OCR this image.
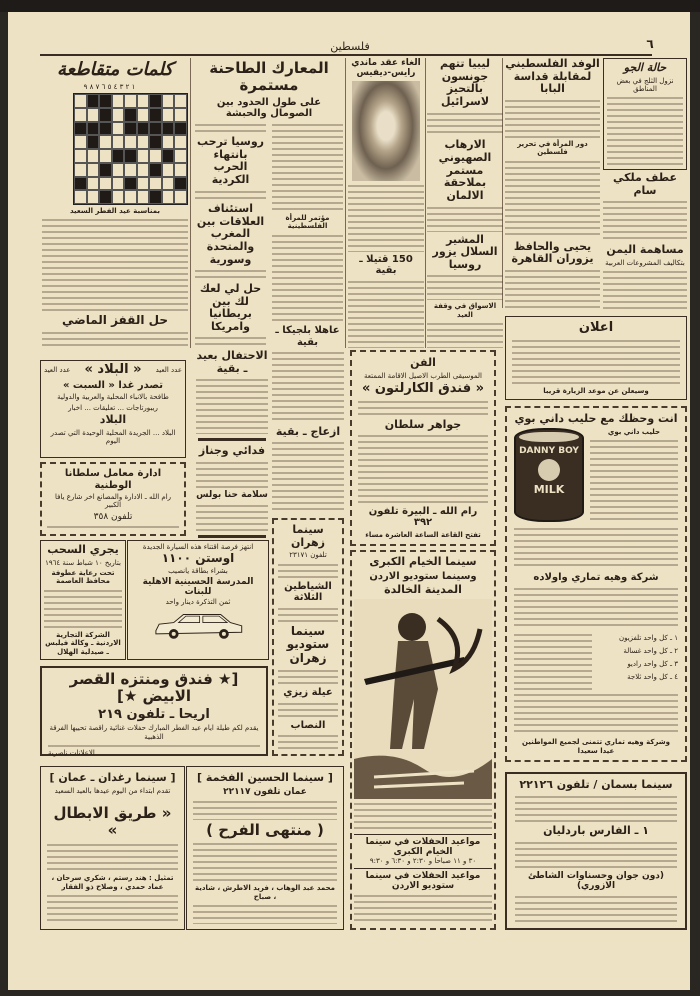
فلسطين	٦
كلمات متقاطعة
١ ٢ ٣ ٤ ٥ ٦ ٧ ٨ ٩
بمناسبة عيد الفطر السعيد
حل القفز الماضي
المعارك الطاحنة مستمرة
على طول الحدود بين الصومال والحبشة
مؤتمر للمرأة الفلسطينية
عاهلا بلجيكا ـ بقية
روسيا ترحب بانتهاء الحرب الكردية
استئناف العلاقات بين المغرب والمتحدة وسورية
حل لي لعك لك بين بريطانيا وامريكا
الغاء عقد ماندي رايس-ديفيس
150 قتيلا ـ بقية
ليبيا تتهم جونسون بالتحيز لاسرائيل
الارهاب الصهيوني مستمر بملاحقة الالمان
المشير السلال يزور روسيا
الاسواق في وقفة العيد
الوفد الفلسطيني لمقابلة قداسة البابا
دور المرأة في تحرير فلسطين
يحيى والحافظ يزوران القاهرة
حالة الجو
نزول الثلج في بعض المناطق
عطف ملكي سام
مساهمة اليمن
بتكاليف المشروعات العربية
عدد العيد
« البلاد »
عدد العيد
تصدر غدا « السبت »
طافحة بالانباء المحلية والعربية والدولية
ريبورتاجات ... تعليقات ... اخبار
البلاد
البلاد ... الجريدة المحلية الوحيدة التي تصدر اليوم
ادارة معامل سلطانا الوطنية
رام الله ـ الادارة والمصانع اخر شارع يافا الكبير
تلفون ٣٥٨
الاحتفال بعيد ـ بقية
فدائي وجناز
سلامة حنا بولس
ازعاج ـ بقية
سينما زهران
تلفون ٢٣١٧١
الشياطين الثلاثة
سينما ستوديو زهران
عيلة زيزي
النصاب
يجري السحب
بتاريخ ١٠ شباط سنة ١٩٦٤
تحت رعاية عطوفة محافظ العاصمة
الشركة التجارية الاردنية ـ وكالة فيلبس ـ صيدلية الهلال
انتهز فرصة اقتناء هذه السيارة الجديدة
اوستن ١١٠٠
بشراء بطاقة يانصيب
المدرسة الحسينية الاهلية للبنات
ثمن التذكرة دينار واحد
[★ فندق ومنتزه القصر الابيض ★]
اريحا ـ تلفون ٢١٩
يقدم لكم طيلة ايام عيد الفطر المبارك حفلات غنائية راقصة تحييها الفرقة الذهبية
الاعلانات ناصرية
[ سينما رغدان ـ عمان ]
تقدم ابتداء من اليوم عيدها بالعيد السعيد
« طريق الابطال »
تمثيل : هند رستم ، شكري سرحان ، عماد حمدي ، وصلاح ذو الفقار
[ سينما الحسين الفخمة ]
عمان تلفون ٢٢١١٧
( منتهى الفرح )
محمد عبد الوهاب ، فريد الاطرش ، شادية ، صباح
الفن
الموسيقى الطرب الاصيل الاقامة الممتعة
« فندق الكارلتون »
جواهر سلطان
رام الله ـ البيرة تلفون ٣٩٢
تفتح القاعة الساعة العاشرة مساء
سينما الخيام الكبرى
وسينما ستوديو الاردن
المدينة الخالدة
مواعيد الحفلات في سينما الخيام الكبرى
٣٠ و ١١ صباحا و ٢:٣٠ و ٦:٣٠ و ٩:٣٠
مواعيد الحفلات في سينما ستوديو الاردن
اعلان
وسيعلن عن موعد الزيارة قريبا
انت وحظك مع حليب داني بوي
حليب داني بوي
DANNY BOY
MILK
شركة وهيه تماري واولاده
١ ـ كل واحد تلفزيون
٢ ـ كل واحد غسالة
٣ ـ كل واحد راديو
٤ ـ كل واحد ثلاجة
وشركة وهيه تماري تتمنى لجميع المواطنين عيدا سعيدا
سينما بسمان / تلفون ٢٢١٢٦
١ ـ الفارس باردليان
(دون جوان وحسناوات الشاطئ الازوري)
